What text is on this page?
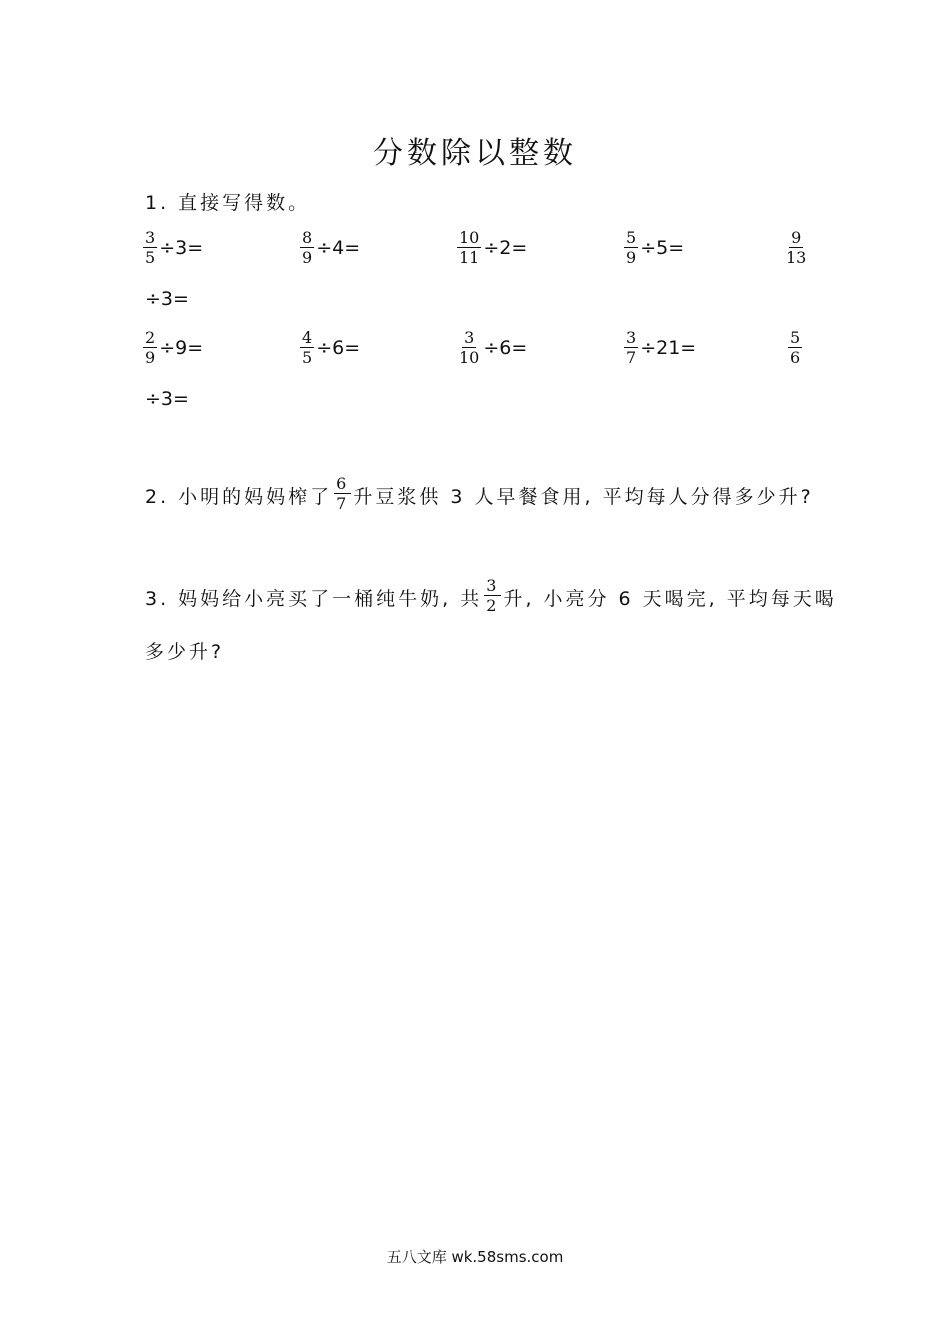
分数除以整数
1. 直接写得数。
$\frac{3}{5} \div 3=$	$\frac{8}{9} \div 4=$	$\frac{10}{11} \div 2=$	$\frac{5}{9} \div 5=$	$\frac{9}{13}$
÷3=
$\frac{2}{9} \div 9=$	$\frac{4}{5} \div 6=$	$\frac{3}{10} \div 6=$	$\frac{3}{7} \div 21=$	$\frac{5}{6}$
÷3=
2. 小明的妈妈榨了 $\frac{6}{7}$ 升豆浆供 3 人早餐食用, 平均每人分得多少升?
3. 妈妈给小亮买了一桶纯牛奶, 共 $\frac{3}{2}$ 升, 小亮分 6 天喝完, 平均每天喝
多少升?
五八文库 wk.58sms.com
